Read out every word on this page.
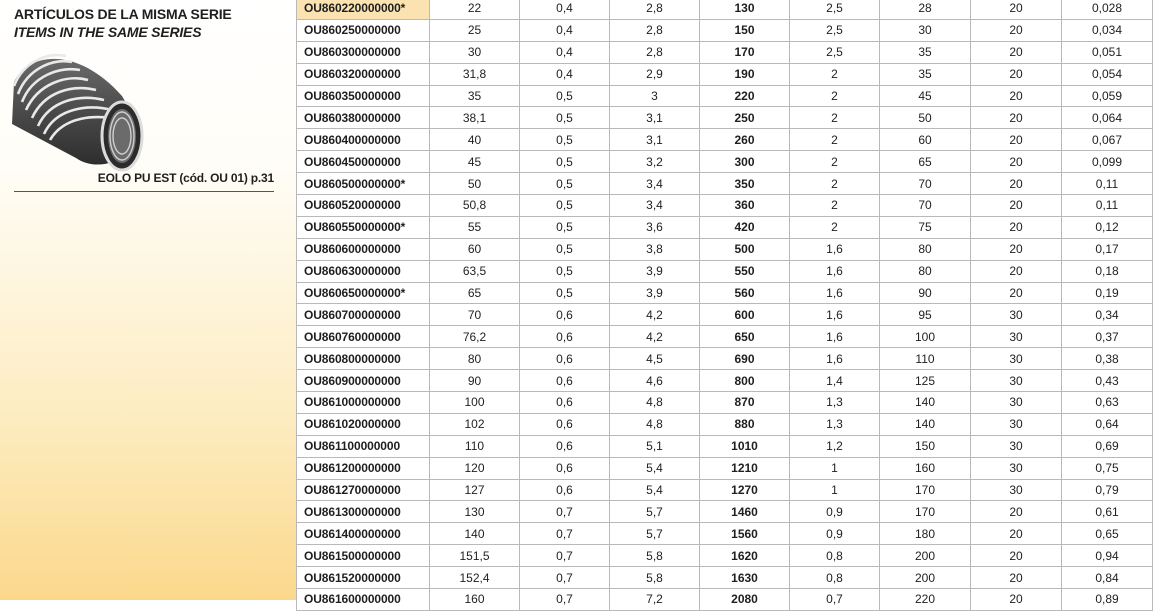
ARTÍCULOS DE LA MISMA SERIE
ITEMS IN THE SAME SERIES
EOLO PU EST (cód. OU 01) p.31
OU860220000000*	22	0,4	2,8	130	2,5	28	20	0,028
OU860250000000	25	0,4	2,8	150	2,5	30	20	0,034
OU860300000000	30	0,4	2,8	170	2,5	35	20	0,051
OU860320000000	31,8	0,4	2,9	190	2	35	20	0,054
OU860350000000	35	0,5	3	220	2	45	20	0,059
OU860380000000	38,1	0,5	3,1	250	2	50	20	0,064
OU860400000000	40	0,5	3,1	260	2	60	20	0,067
OU860450000000	45	0,5	3,2	300	2	65	20	0,099
OU860500000000*	50	0,5	3,4	350	2	70	20	0,11
OU860520000000	50,8	0,5	3,4	360	2	70	20	0,11
OU860550000000*	55	0,5	3,6	420	2	75	20	0,12
OU860600000000	60	0,5	3,8	500	1,6	80	20	0,17
OU860630000000	63,5	0,5	3,9	550	1,6	80	20	0,18
OU860650000000*	65	0,5	3,9	560	1,6	90	20	0,19
OU860700000000	70	0,6	4,2	600	1,6	95	30	0,34
OU860760000000	76,2	0,6	4,2	650	1,6	100	30	0,37
OU860800000000	80	0,6	4,5	690	1,6	110	30	0,38
OU860900000000	90	0,6	4,6	800	1,4	125	30	0,43
OU861000000000	100	0,6	4,8	870	1,3	140	30	0,63
OU861020000000	102	0,6	4,8	880	1,3	140	30	0,64
OU861100000000	110	0,6	5,1	1010	1,2	150	30	0,69
OU861200000000	120	0,6	5,4	1210	1	160	30	0,75
OU861270000000	127	0,6	5,4	1270	1	170	30	0,79
OU861300000000	130	0,7	5,7	1460	0,9	170	20	0,61
OU861400000000	140	0,7	5,7	1560	0,9	180	20	0,65
OU861500000000	151,5	0,7	5,8	1620	0,8	200	20	0,94
OU861520000000	152,4	0,7	5,8	1630	0,8	200	20	0,84
OU861600000000	160	0,7	7,2	2080	0,7	220	20	0,89
